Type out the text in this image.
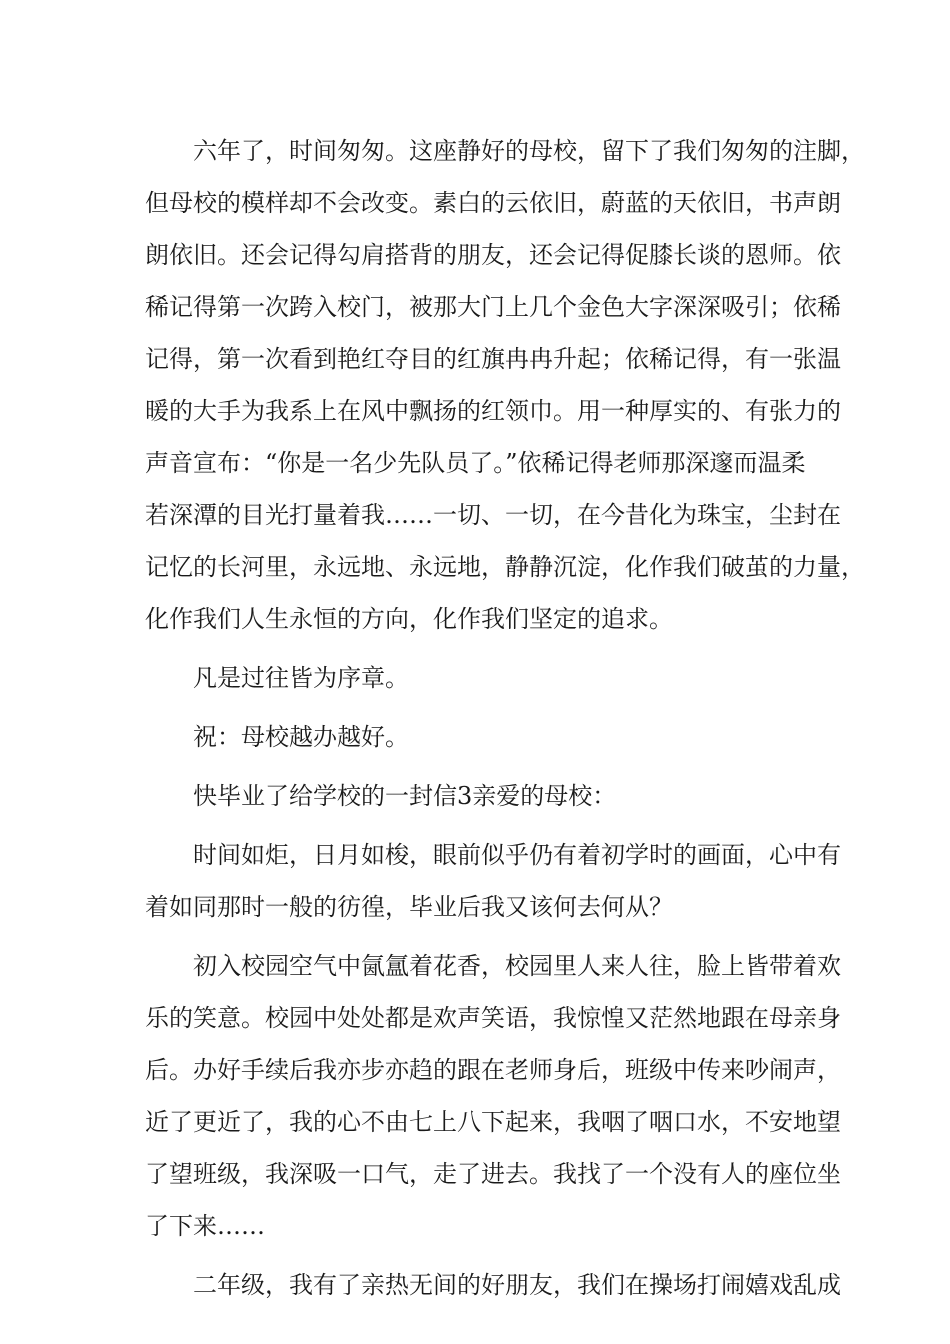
六年了，时间匆匆。这座静好的母校，留下了我们匆匆的注脚，
但母校的模样却不会改变。素白的云依旧，蔚蓝的天依旧，书声朗
朗依旧。还会记得勾肩搭背的朋友，还会记得促膝长谈的恩师。依
稀记得第一次跨入校门，被那大门上几个金色大字深深吸引；依稀
记得，第一次看到艳红夺目的红旗冉冉升起；依稀记得，有一张温
暖的大手为我系上在风中飘扬的红领巾。用一种厚实的、有张力的
声音宣布：“你是一名少先队员了。”依稀记得老师那深邃而温柔
若深潭的目光打量着我……一切、一切，在今昔化为珠宝，尘封在
记忆的长河里，永远地、永远地，静静沉淀，化作我们破茧的力量，
化作我们人生永恒的方向，化作我们坚定的追求。
凡是过往皆为序章。
祝：母校越办越好。
快毕业了给学校的一封信3亲爱的母校：
时间如炬，日月如梭，眼前似乎仍有着初学时的画面，心中有
着如同那时一般的彷徨，毕业后我又该何去何从？
初入校园空气中氤氲着花香，校园里人来人往，脸上皆带着欢
乐的笑意。校园中处处都是欢声笑语，我惊惶又茫然地跟在母亲身
后。办好手续后我亦步亦趋的跟在老师身后，班级中传来吵闹声，
近了更近了，我的心不由七上八下起来，我咽了咽口水，不安地望
了望班级，我深吸一口气，走了进去。我找了一个没有人的座位坐
了下来……
二年级，我有了亲热无间的好朋友，我们在操场打闹嬉戏乱成
